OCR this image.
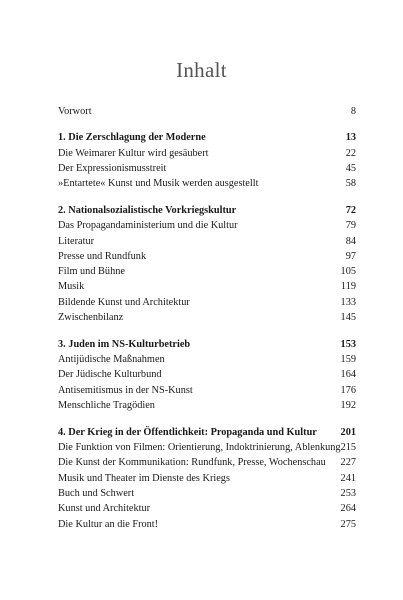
Inhalt
Vorwort	8
1. Die Zerschlagung der Moderne	13
Die Weimarer Kultur wird gesäubert	22
Der Expressionismusstreit	45
»Entartete« Kunst und Musik werden ausgestellt	58
2. Nationalsozialistische Vorkriegskultur	72
Das Propagandaministerium und die Kultur	79
Literatur	84
Presse und Rundfunk	97
Film und Bühne	105
Musik	119
Bildende Kunst und Architektur	133
Zwischenbilanz	145
3. Juden im NS-Kulturbetrieb	153
Antijüdische Maßnahmen	159
Der Jüdische Kulturbund	164
Antisemitismus in der NS-Kunst	176
Menschliche Tragödien	192
4. Der Krieg in der Öffentlichkeit: Propaganda und Kultur 201
Die Funktion von Filmen: Orientierung, Indoktrinierung, Ablenkung 215
Die Kunst der Kommunikation: Rundfunk, Presse, Wochenschau 227
Musik und Theater im Dienste des Kriegs	241
Buch und Schwert	253
Kunst und Architektur	264
Die Kultur an die Front!	275
